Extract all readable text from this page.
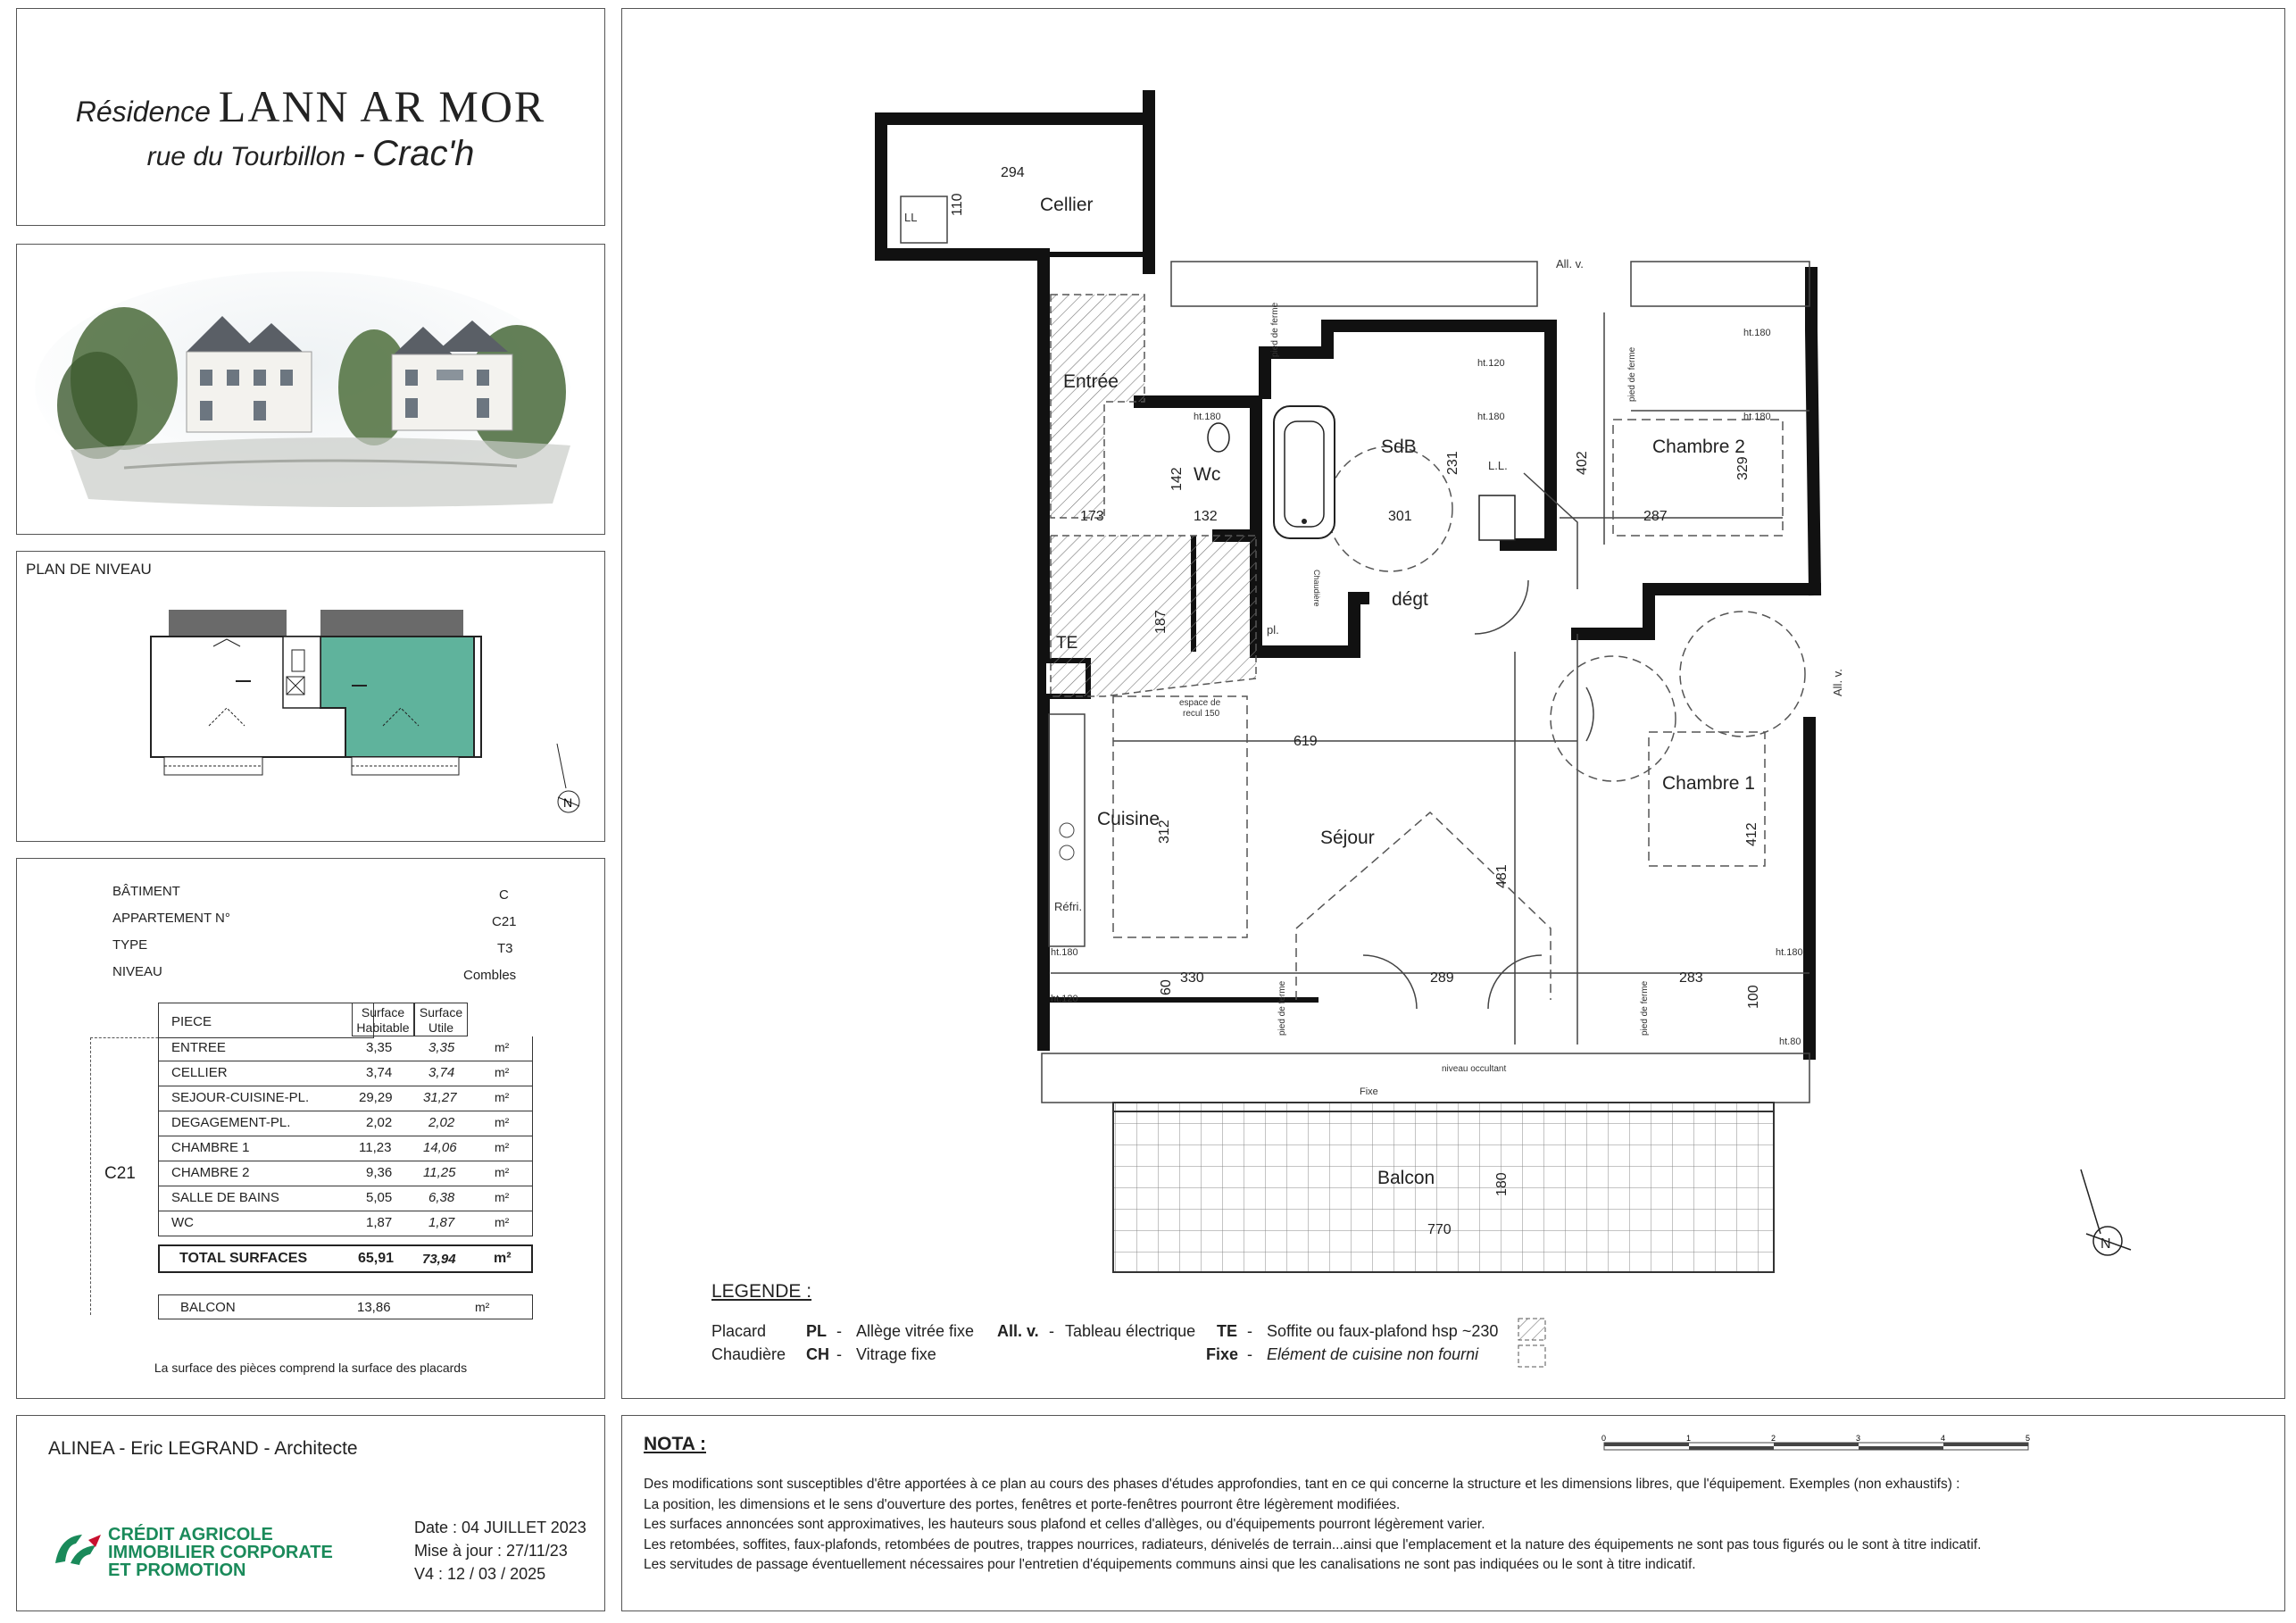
Résidence LANN AR MOR
rue du Tourbillon - Crac'h
PLAN DE NIVEAU
N
BÂTIMENT	C
APPARTEMENT N°	C21
TYPE	T3
NIVEAU	Combles
C21
PIECE
Surface
Habitable
Surface
Utile
ENTREE	3,35	3,35	m²
CELLIER	3,74	3,74	m²
SEJOUR-CUISINE-PL.	29,29 31,27	m²
DEGAGEMENT-PL.	2,02	2,02	m²
CHAMBRE 1	11,23 14,06	m²
CHAMBRE 2	9,36 11,25	m²
SALLE DE BAINS	5,05	6,38	m²
WC	1,87	1,87	m²
TOTAL SURFACES	65,91 73,94	m²
BALCON	13,86	m²
La surface des pièces comprend la surface des placards
ALINEA - Eric LEGRAND - Architecte
CRÉDIT AGRICOLE
IMMOBILIER CORPORATE
ET PROMOTION
Date : 04 JUILLET 2023
Mise à jour : 27/11/23
V4 : 12 / 03 / 2025
Cellier
Entrée
Wc
SdB
dégt
Chambre 2
Chambre 1
Cuisine
Séjour
Balcon
LL
L.L.
All. v.
pl.
Réfri.
espace de
recul 150
niveau occultant
ht.180
ht.120
ht.180
ht.180
ht.180
ht.180
ht.120
ht.180
ht.80
Fixe
Chaudière
All. v.
pied de ferme
pied de ferme
pied de ferme
pied de ferme
TE
294
110
142
132
173
187
231
301
402	329
287
619
312
481
412
60
330	289	283
100
180
770
N
LEGENDE :
Placard
Chaudière
PL
CH
-
-
Allège vitrée fixe
Vitrage fixe
All. v. - Tableau électrique TE - Soffite ou faux-plafond hsp ~230
Fixe - Elément de cuisine non fourni
NOTA :	0	1	2	3	4	5
Des modifications sont susceptibles d'être apportées à ce plan au cours des phases d'études approfondies, tant en ce qui concerne la structure et les dimensions libres, que l'équipement. Exemples (non exhaustifs) :
La position, les dimensions et le sens d'ouverture des portes, fenêtres et porte-fenêtres pourront être légèrement modifiées.
Les surfaces annoncées sont approximatives, les hauteurs sous plafond et celles d'allèges, ou d'équipements pourront légèrement varier.
Les retombées, soffites, faux-plafonds, retombées de poutres, trappes nourrices, radiateurs, dénivelés de terrain...ainsi que l'emplacement et la nature des équipements ne sont pas tous figurés ou le sont à titre indicatif.
Les servitudes de passage éventuellement nécessaires pour l'entretien d'équipements communs ainsi que les canalisations ne sont pas indiquées ou le sont à titre indicatif.
